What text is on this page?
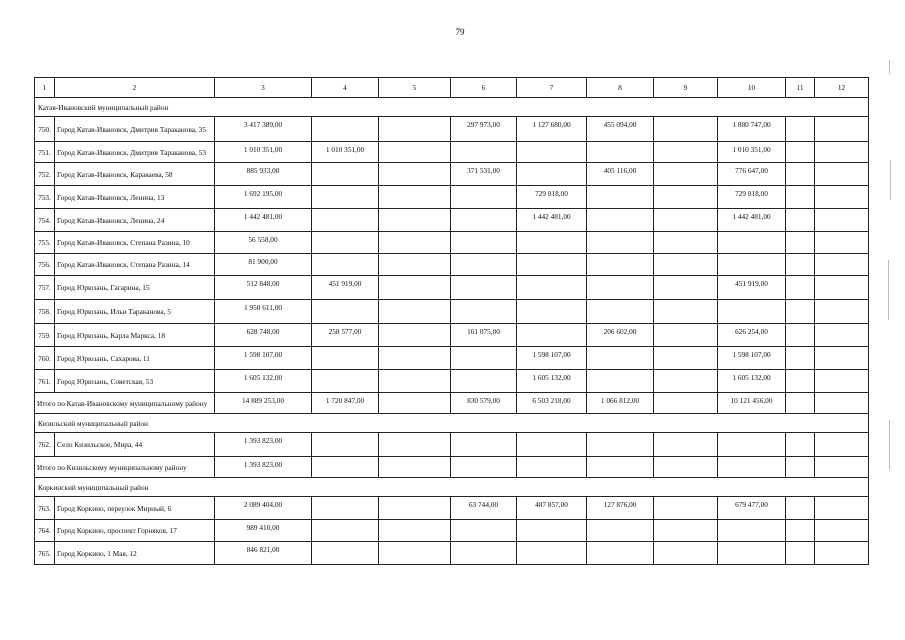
79
1	2	3	4	5	6	7	8	9	10	11	12
Катав-Ивановский муниципальный район											
750.	Город Катав-Ивановск, Дмитрия Тараканова, 35	3 417 389,00			297 973,00	1 127 680,00	455 094,00		1 880 747,00		
751.	Город Катав-Ивановск, Дмитрия Тараканова, 53	1 010 351,00	1 010 351,00						1 010 351,00		
752.	Город Катав-Ивановск, Караваева, 58	885 933,00			371 531,00		405 116,00		776 647,00		
753.	Город Катав-Ивановск, Ленина, 13	1 692 195,00				729 818,00			729 818,00		
754.	Город Катав-Ивановск, Ленина, 24	1 442 481,00				1 442 481,00			1 442 481,00		
755.	Город Катав-Ивановск, Степана Разина, 10	56 558,00									
756.	Город Катав-Ивановск, Степана Разина, 14	81 900,00									
757.	Город Юрюзань, Гагарина, 15	512 848,00	451 919,00						451 919,00		
758.	Город Юрюзань, Ильи Тараканова, 5	1 950 611,00									
759.	Город Юрюзань, Карла Маркса, 18	628 748,00	258 577,00		161 075,00		206 602,00		626 254,00		
760.	Город Юрюзань, Сахарова, 11	1 598 107,00				1 598 107,00			1 598 107,00		
761.	Город Юрюзань, Советская, 53	1 605 132,00				1 605 132,00			1 605 132,00		
Итого по Катав-Ивановскому муниципальному району		14 889 253,00	1 720 847,00		830 579,00	6 503 218,00	1 066 812,00		10 121 456,00		
Кизильский муниципальный район											
762.	Село Кизильское, Мира, 44	1 393 823,00									
Итого по Кизильскому муниципальному району		1 393 823,00									
Коркинский муниципальный район											
763.	Город Коркино, переулок Мирный, 6	2 089 404,00			63 744,00	487 857,00	127 876,00		679 477,00		
764.	Город Коркино, проспект Горняков, 17	989 410,00									
765.	Город Коркино, 1 Мая, 12	846 821,00									
